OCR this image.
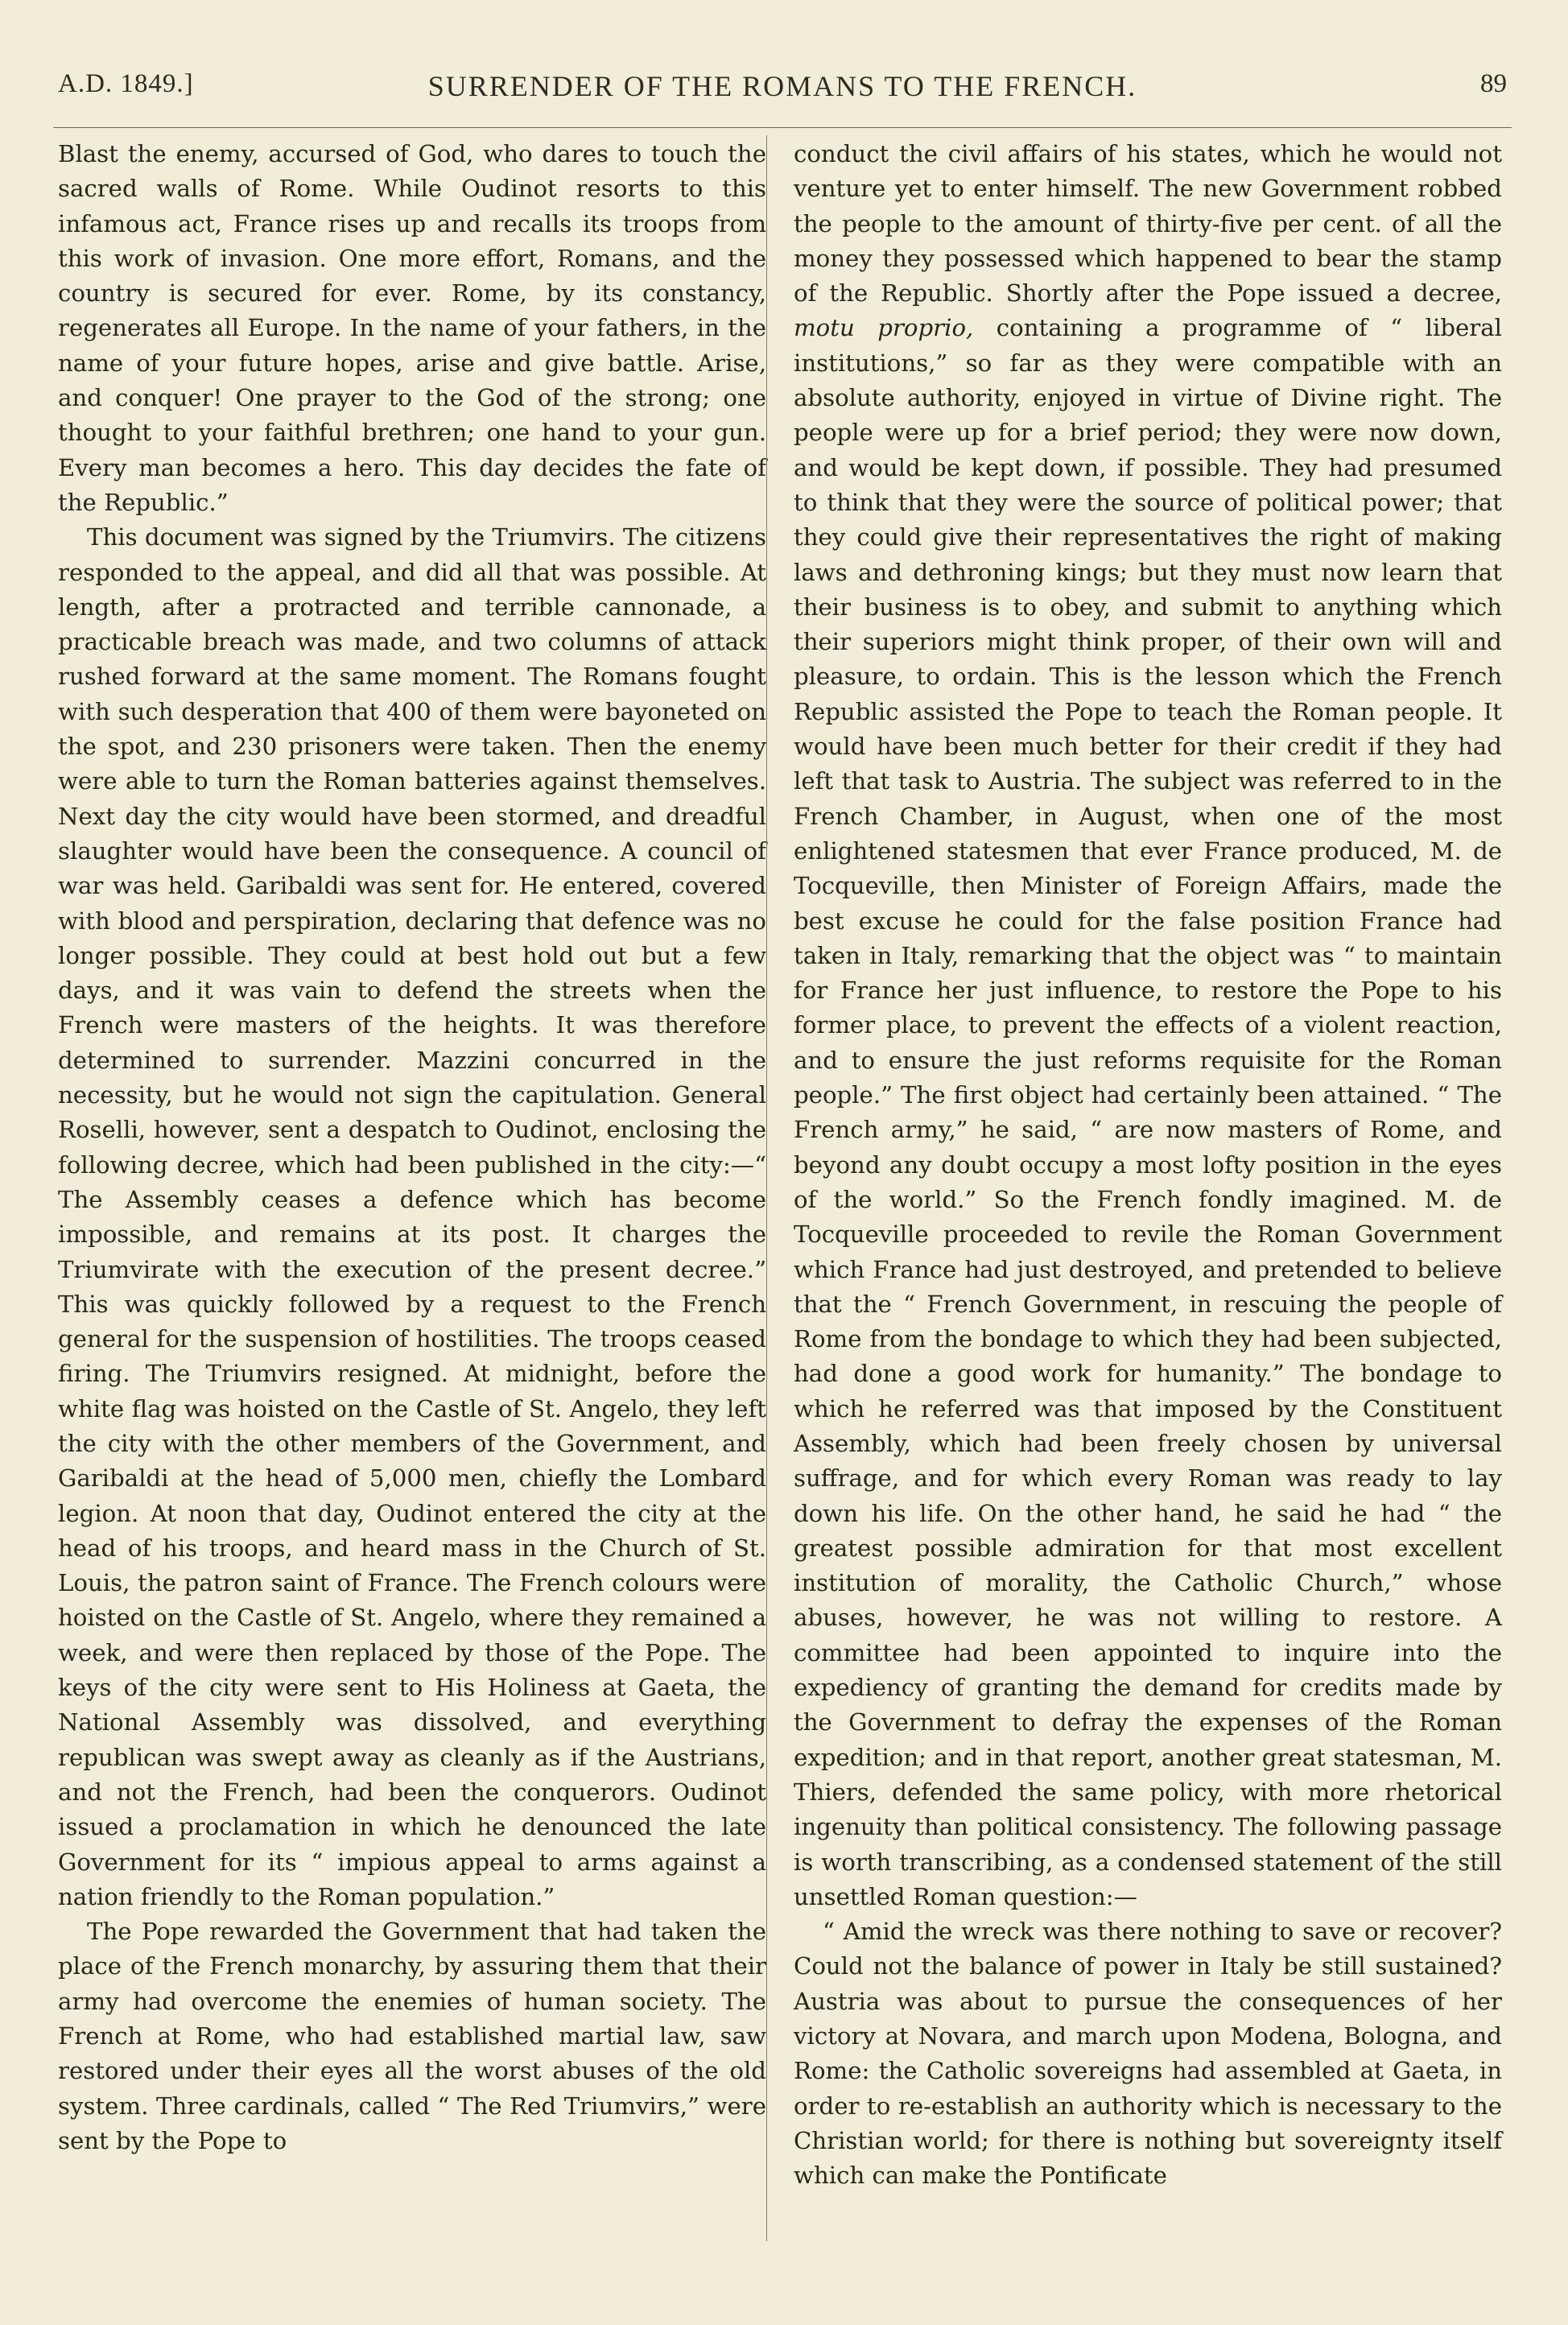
A.D. 1849.]	SURRENDER OF THE ROMANS TO THE FRENCH.	89

Blast the enemy, accursed of God, who dares to touch the sacred walls of Rome. While Oudinot resorts to this infamous act, France rises up and recalls its troops from this work of invasion. One more effort, Romans, and the country is secured for ever. Rome, by its constancy, regenerates all Europe. In the name of your fathers, in the name of your future hopes, arise and give battle. Arise, and conquer! One prayer to the God of the strong; one thought to your faithful brethren; one hand to your gun. Every man becomes a hero. This day decides the fate of the Republic.”

This document was signed by the Triumvirs. The citizens responded to the appeal, and did all that was possible. At length, after a protracted and terrible cannonade, a practicable breach was made, and two columns of attack rushed forward at the same moment. The Romans fought with such desperation that 400 of them were bayoneted on the spot, and 230 prisoners were taken. Then the enemy were able to turn the Roman batteries against themselves. Next day the city would have been stormed, and dreadful slaughter would have been the consequence. A council of war was held. Garibaldi was sent for. He entered, covered with blood and perspiration, declaring that defence was no longer possible. They could at best hold out but a few days, and it was vain to defend the streets when the French were masters of the heights. It was therefore determined to surrender. Mazzini concurred in the necessity, but he would not sign the capitulation. General Roselli, however, sent a despatch to Oudinot, enclosing the following decree, which had been published in the city:—“ The Assembly ceases a defence which has become impossible, and remains at its post. It charges the Triumvirate with the execution of the present decree.” This was quickly followed by a request to the French general for the suspension of hostilities. The troops ceased firing. The Triumvirs resigned. At midnight, before the white flag was hoisted on the Castle of St. Angelo, they left the city with the other members of the Government, and Garibaldi at the head of 5,000 men, chiefly the Lombard legion. At noon that day, Oudinot entered the city at the head of his troops, and heard mass in the Church of St. Louis, the patron saint of France. The French colours were hoisted on the Castle of St. Angelo, where they remained a week, and were then replaced by those of the Pope. The keys of the city were sent to His Holiness at Gaeta, the National Assembly was dissolved, and everything republican was swept away as cleanly as if the Austrians, and not the French, had been the conquerors. Oudinot issued a proclamation in which he denounced the late Government for its “ impious appeal to arms against a nation friendly to the Roman population.”

The Pope rewarded the Government that had taken the place of the French monarchy, by assuring them that their army had overcome the enemies of human society. The French at Rome, who had established martial law, saw restored under their eyes all the worst abuses of the old system. Three cardinals, called “ The Red Triumvirs,” were sent by the Pope to

conduct the civil affairs of his states, which he would not venture yet to enter himself. The new Government robbed the people to the amount of thirty-five per cent. of all the money they possessed which happened to bear the stamp of the Republic. Shortly after the Pope issued a decree, motu proprio, containing a programme of “ liberal institutions,” so far as they were compatible with an absolute authority, enjoyed in virtue of Divine right. The people were up for a brief period; they were now down, and would be kept down, if possible. They had presumed to think that they were the source of political power; that they could give their representatives the right of making laws and dethroning kings; but they must now learn that their business is to obey, and submit to anything which their superiors might think proper, of their own will and pleasure, to ordain. This is the lesson which the French Republic assisted the Pope to teach the Roman people. It would have been much better for their credit if they had left that task to Austria. The subject was referred to in the French Chamber, in August, when one of the most enlightened statesmen that ever France produced, M. de Tocqueville, then Minister of Foreign Affairs, made the best excuse he could for the false position France had taken in Italy, remarking that the object was “ to maintain for France her just influence, to restore the Pope to his former place, to prevent the effects of a violent reaction, and to ensure the just reforms requisite for the Roman people.” The first object had certainly been attained. “ The French army,” he said, “ are now masters of Rome, and beyond any doubt occupy a most lofty position in the eyes of the world.” So the French fondly imagined. M. de Tocqueville proceeded to revile the Roman Government which France had just destroyed, and pretended to believe that the “ French Government, in rescuing the people of Rome from the bondage to which they had been subjected, had done a good work for humanity.” The bondage to which he referred was that imposed by the Constituent Assembly, which had been freely chosen by universal suffrage, and for which every Roman was ready to lay down his life. On the other hand, he said he had “ the greatest possible admiration for that most excellent institution of morality, the Catholic Church,” whose abuses, however, he was not willing to restore. A committee had been appointed to inquire into the expediency of granting the demand for credits made by the Government to defray the expenses of the Roman expedition; and in that report, another great statesman, M. Thiers, defended the same policy, with more rhetorical ingenuity than political consistency. The following passage is worth transcribing, as a condensed statement of the still unsettled Roman question:—

“ Amid the wreck was there nothing to save or recover? Could not the balance of power in Italy be still sustained? Austria was about to pursue the consequences of her victory at Novara, and march upon Modena, Bologna, and Rome: the Catholic sovereigns had assembled at Gaeta, in order to re-establish an authority which is necessary to the Christian world; for there is nothing but sovereignty itself which can make the Pontificate
